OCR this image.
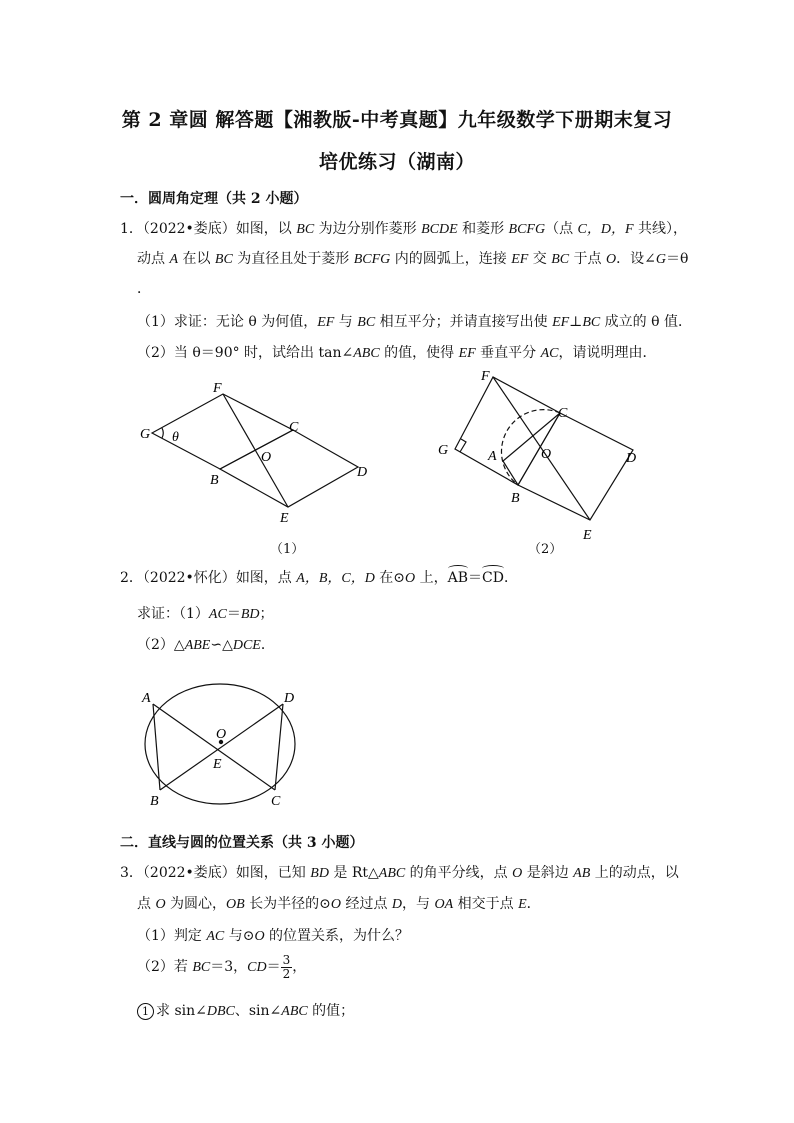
第 2 章圆 解答题【湘教版-中考真题】九年级数学下册期末复习
培优练习（湖南）
一．圆周角定理（共 2 小题）
1．（2022•娄底）如图，以 BC 为边分别作菱形 BCDE 和菱形 BCFG（点 C，D，F 共线），
动点 A 在以 BC 为直径且处于菱形 BCFG 内的圆弧上，连接 EF 交 BC 于点 O．设∠G＝θ
．
（1）求证：无论 θ 为何值，EF 与 BC 相互平分；并请直接写出使 EF⊥BC 成立的 θ 值．
（2）当 θ＝90° 时，试给出 tan∠ABC 的值，使得 EF 垂直平分 AC，请说明理由．
F
G θ
C
O
B
D
E
（1）
F
C
G	A	O	D
B
E
（2）
2．（2022•怀化）如图，点 A，B，C，D 在⊙O 上，AB＝CD．
求证：（1）AC＝BD；
（2）△ABE∽△DCE．
A	D
O
E
B	C
二．直线与圆的位置关系（共 3 小题）
3．（2022•娄底）如图，已知 BD 是 Rt△ABC 的角平分线，点 O 是斜边 AB 上的动点，以
点 O 为圆心，OB 长为半径的⊙O 经过点 D，与 OA 相交于点 E．
（1）判定 AC 与⊙O 的位置关系，为什么？
（2）若 BC＝3，$CD= \frac{3}{2}$ ，
1 求 sin∠DBC、sin∠ABC 的值；
